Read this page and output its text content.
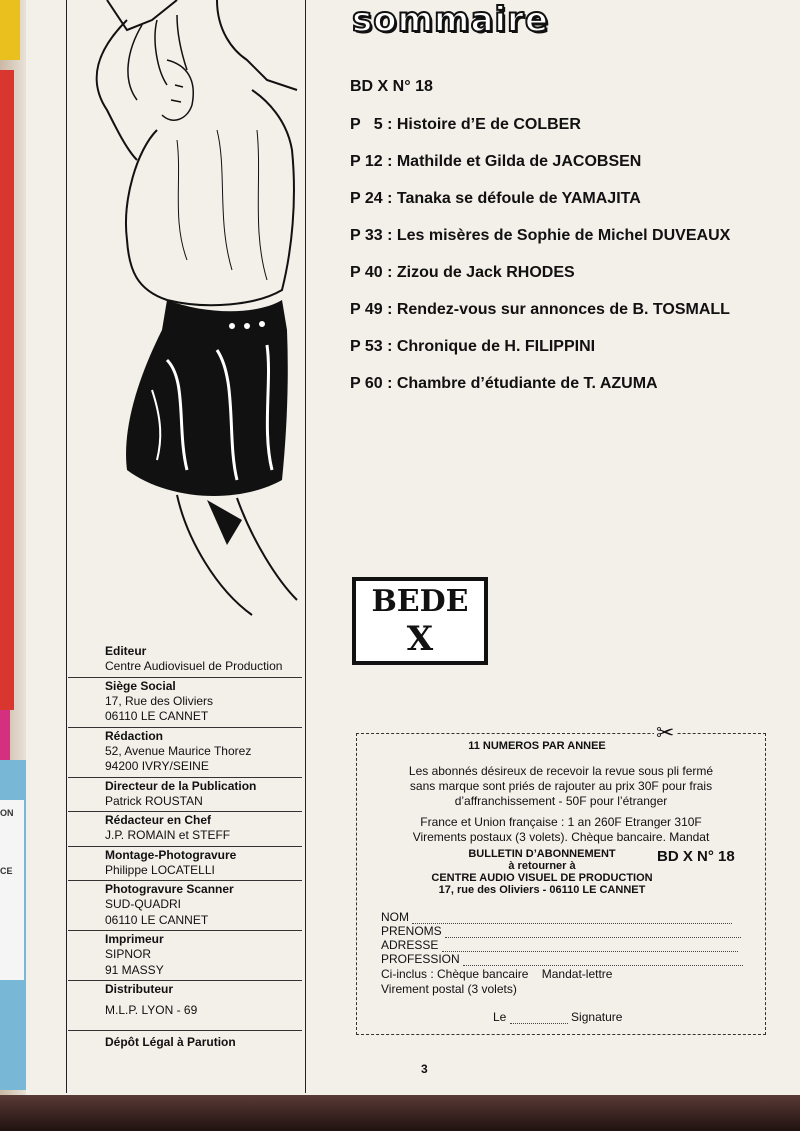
ON
CE
Editeur
Centre Audiovisuel de Production
Siège Social
17, Rue des Oliviers
06110 LE CANNET
Rédaction
52, Avenue Maurice Thorez
94200 IVRY/SEINE
Directeur de la Publication
Patrick ROUSTAN
Rédacteur en Chef
J.P. ROMAIN et STEFF
Montage-Photogravure
Philippe LOCATELLI
Photogravure Scanner
SUD-QUADRI
06110 LE CANNET
Imprimeur
SIPNOR
91 MASSY
Distributeur
M.L.P. LYON - 69
Dépôt Légal à Parution
sommaire
BD X N° 18
P   5 : Histoire d’E de COLBER
P 12 : Mathilde et Gilda de JACOBSEN
P 24 : Tanaka se défoule de YAMAJITA
P 33 : Les misères de Sophie de Michel DUVEAUX
P 40 : Zizou de Jack RHODES
P 49 : Rendez-vous sur annonces de B. TOSMALL
P 53 : Chronique de H. FILIPPINI
P 60 : Chambre d’étudiante de T. AZUMA
BEDE
X
11 NUMEROS PAR ANNEE
Les abonnés désireux de recevoir la revue sous pli fermé
sans marque sont priés de rajouter au prix 30F pour frais
d’affranchissement - 50F pour l’étranger
France et Union française : 1 an 260F Etranger 310F
Virements postaux (3 volets). Chèque bancaire. Mandat
BULLETIN D’ABONNEMENT
à retourner à
CENTRE AUDIO VISUEL DE PRODUCTION
17, rue des Oliviers - 06110 LE CANNET
BD X N° 18
NOM
PRENOMS
ADRESSE
PROFESSION
Ci-inclus : Chèque bancaire Mandat-lettre
Virement postal (3 volets)
Le	Signature
✂
3
